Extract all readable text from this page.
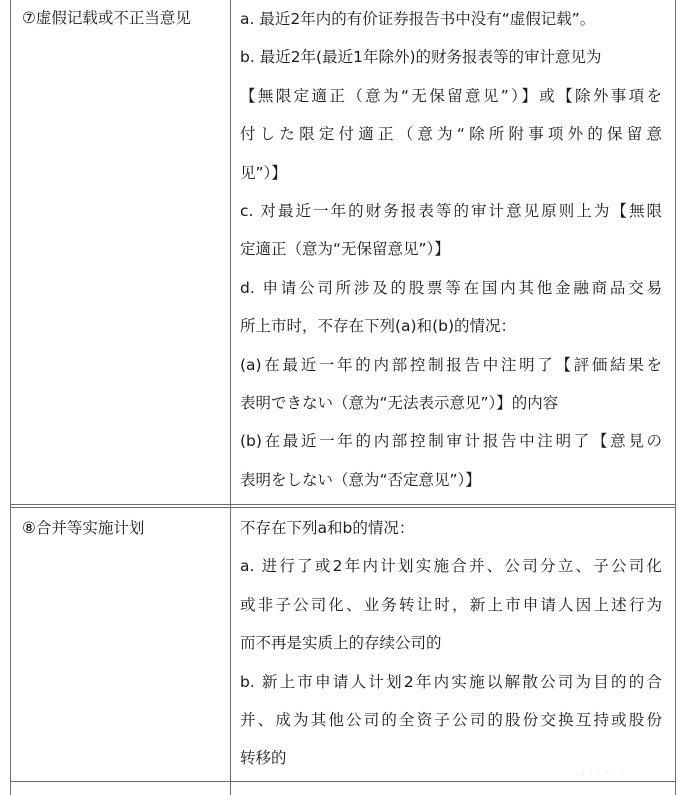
⑦虚假记载或不正当意见	a. 最近2年内的有价证券报告书中没有“虚假记载”。
b. 最近2年(最近1年除外)的财务报表等的审计意见为
【無限定適正（意为“无保留意见”）】或【除外事項を
付した限定付適正（意为“除所附事项外的保留意
见”）】
c. 对最近一年的财务报表等的审计意见原则上为【無限
定適正（意为“无保留意见”）】
d. 申请公司所涉及的股票等在国内其他金融商品交易
所上市时，不存在下列(a)和(b)的情况：
(a)在最近一年的内部控制报告中注明了【評価結果を
表明できない（意为“无法表示意见”）】的内容
(b)在最近一年的内部控制审计报告中注明了【意見の
表明をしない（意为“否定意见”）】
⑧合并等实施计划	不存在下列a和b的情况：
a. 进行了或2年内计划实施合并、公司分立、子公司化
或非子公司化、业务转让时，新上市申请人因上述行为
而不再是实质上的存续公司的
b. 新上市申请人计划2年内实施以解散公司为目的的合
并、成为其他公司的全资子公司的股份交换互持或股份
转移的
· · · · · ·
